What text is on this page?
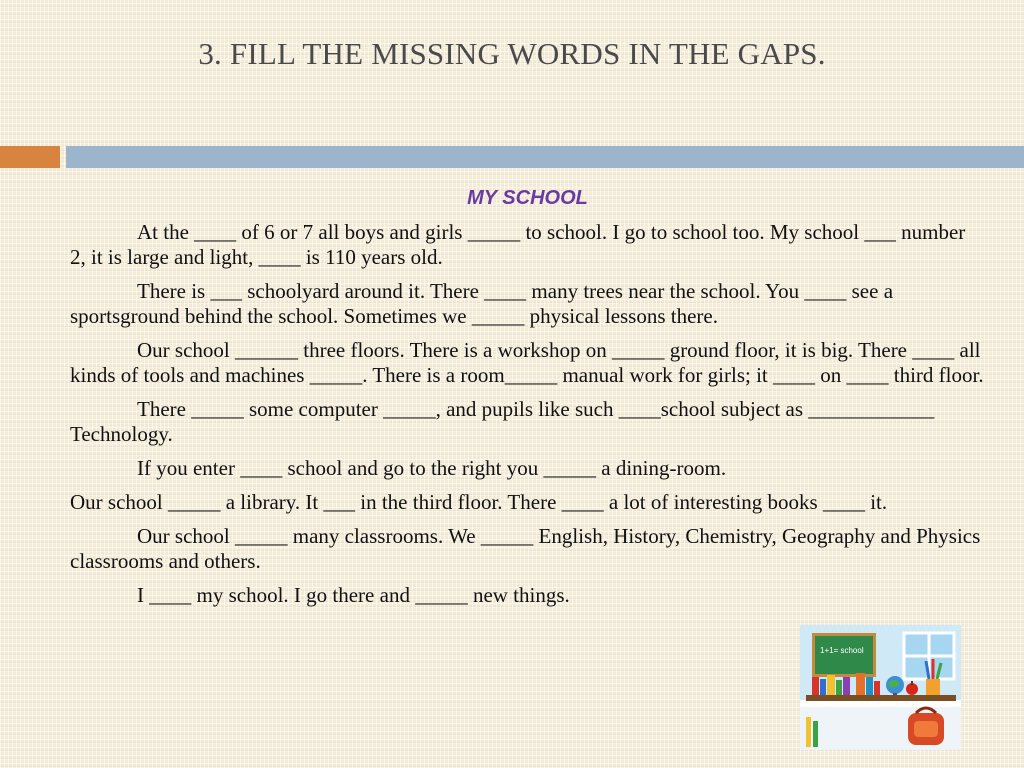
3. FILL THE MISSING WORDS IN THE GAPS.
MY SCHOOL

At the ____ of 6 or 7 all boys and girls _____ to school. I go to school too. My school ___ number 2, it is large and light, ____ is 110 years old.

There is ___ schoolyard around it. There ____ many trees near the school. You ____ see a sportsground behind the school. Sometimes we _____ physical lessons there.

Our school ______ three floors. There is a workshop on _____ ground floor, it is big. There ____ all kinds of tools and machines _____. There is a room_____ manual work for girls; it ____ on ____ third floor.

There _____ some computer _____, and pupils like such ____school subject as ____________ Technology.

If you enter ____ school and go to the right you _____ a dining-room.

Our school _____ a library. It ___ in the third floor. There ____ a lot of interesting books ____ it.

Our school _____ many classrooms. We _____ English, History, Chemistry, Geography and Physics classrooms and others.

I ____ my school. I go there and _____ new things.

1+1= school
